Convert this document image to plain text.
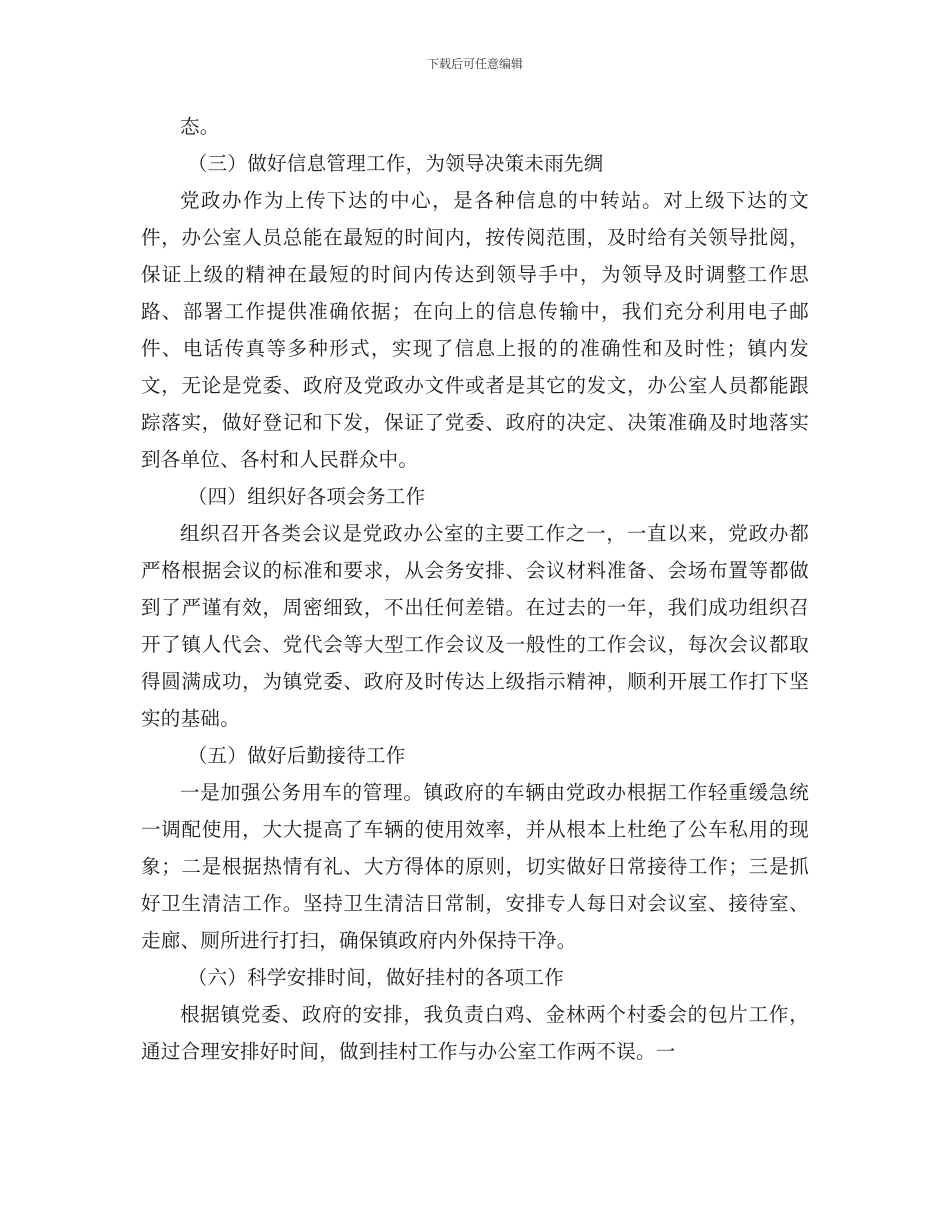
下载后可任意编辑

态。

（三）做好信息管理工作，为领导决策未雨先绸

党政办作为上传下达的中心，是各种信息的中转站。对上级下达的文件，办公室人员总能在最短的时间内，按传阅范围，及时给有关领导批阅，保证上级的精神在最短的时间内传达到领导手中，为领导及时调整工作思路、部署工作提供准确依据；在向上的信息传输中，我们充分利用电子邮件、电话传真等多种形式，实现了信息上报的的准确性和及时性；镇内发文，无论是党委、政府及党政办文件或者是其它的发文，办公室人员都能跟踪落实，做好登记和下发，保证了党委、政府的决定、决策准确及时地落实到各单位、各村和人民群众中。

（四）组织好各项会务工作

组织召开各类会议是党政办公室的主要工作之一，一直以来，党政办都严格根据会议的标准和要求，从会务安排、会议材料准备、会场布置等都做到了严谨有效，周密细致，不出任何差错。在过去的一年，我们成功组织召开了镇人代会、党代会等大型工作会议及一般性的工作会议，每次会议都取得圆满成功，为镇党委、政府及时传达上级指示精神，顺利开展工作打下坚实的基础。

（五）做好后勤接待工作

一是加强公务用车的管理。镇政府的车辆由党政办根据工作轻重缓急统一调配使用，大大提高了车辆的使用效率，并从根本上杜绝了公车私用的现象；二是根据热情有礼、大方得体的原则，切实做好日常接待工作；三是抓好卫生清洁工作。坚持卫生清洁日常制，安排专人每日对会议室、接待室、走廊、厕所进行打扫，确保镇政府内外保持干净。

（六）科学安排时间，做好挂村的各项工作

根据镇党委、政府的安排，我负责白鸡、金林两个村委会的包片工作，通过合理安排好时间，做到挂村工作与办公室工作两不误。一
